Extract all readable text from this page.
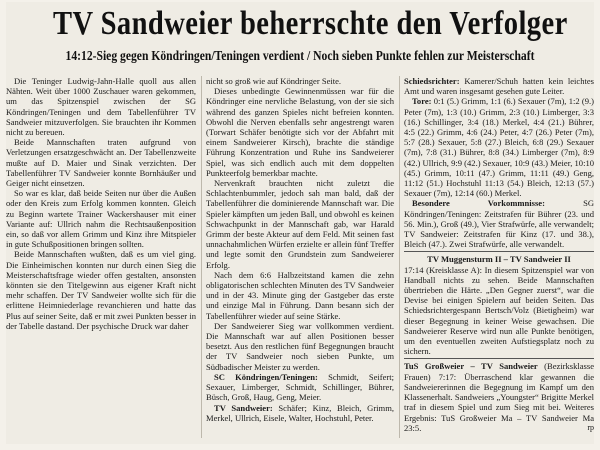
TV Sandweier beherrschte den Verfolger
14:12-Sieg gegen Köndringen/Teningen verdient / Noch sieben Punkte fehlen zur Meisterschaft

Die Teninger Ludwig-Jahn-Halle quoll aus allen Nähten. Weit über 1000 Zuschauer waren gekommen, um das Spitzenspiel zwischen der SG Köndringen/Teningen und dem Tabellenführer TV Sandweier mitzuverfolgen. Sie brauchten ihr Kommen nicht zu bereuen.

Beide Mannschaften traten aufgrund von Verletzungen ersatzgeschwächt an. Der Tabellenzweite mußte auf D. Maier und Sinak verzichten. Der Tabellenführer TV Sandweier konnte Bornhäußer und Geiger nicht einsetzen.

So war es klar, daß beide Seiten nur über die Außen oder den Kreis zum Erfolg kommen konnten. Gleich zu Beginn wartete Trainer Wackershauser mit einer Variante auf: Ullrich nahm die Rechtsaußenposition ein, so daß vor allem Grimm und Kinz ihre Mitspieler in gute Schußpositionen bringen sollten.

Beide Mannschaften wußten, daß es um viel ging. Die Einheimischen konnten nur durch einen Sieg die Meisterschaftsfrage wieder offen gestalten, ansonsten könnten sie den Titelgewinn aus eigener Kraft nicht mehr schaffen. Der TV Sandweier wollte sich für die erlittene Heimniederlage revanchieren und hatte das Plus auf seiner Seite, daß er mit zwei Punkten besser in der Tabelle dastand. Der psychische Druck war daher

nicht so groß wie auf Köndringer Seite.

Dieses unbedingte Gewinnenmüssen war für die Köndringer eine nervliche Belastung, von der sie sich während des ganzen Spieles nicht befreien konnten. Obwohl die Nerven ebenfalls sehr angestrengt waren (Torwart Schäfer benötigte sich vor der Abfahrt mit einem Sandweierer Kirsch), brachte die ständige Führung Konzentration und Ruhe ins Sandweierer Spiel, was sich endlich auch mit dem doppelten Punkteerfolg bemerkbar machte.

Nervenkraft brauchten nicht zuletzt die Schlachtenbummler, jedoch sah man bald, daß der Tabellenführer die dominierende Mannschaft war. Die Spieler kämpften um jeden Ball, und obwohl es keinen Schwachpunkt in der Mannschaft gab, war Harald Grimm der beste Akteur auf dem Feld. Mit seinen fast unnachahmlichen Würfen erzielte er allein fünf Treffer und legte somit den Grundstein zum Sandweierer Erfolg.

Nach dem 6:6 Halbzeitstand kamen die zehn obligatorischen schlechten Minuten des TV Sandweier und in der 43. Minute ging der Gastgeber das erste und einzige Mal in Führung. Dann besann sich der Tabellenführer wieder auf seine Stärke.

Der Sandweierer Sieg war vollkommen verdient. Die Mannschaft war auf allen Positionen besser besetzt. Aus den restlichen fünf Begegnungen braucht der TV Sandweier noch sieben Punkte, um Südbadischer Meister zu werden.

SC Köndringen/Teningen: Schmidt, Seifert; Sexauer, Limberger, Schmidt, Schillinger, Bührer, Büsch, Groß, Haug, Geng, Meier.

TV Sandweier: Schäfer; Kinz, Bleich, Grimm, Merkel, Ullrich, Eisele, Walter, Hochstuhl, Peter.

Schiedsrichter: Kamerer/Schuh hatten kein leichtes Amt und waren insgesamt gesehen gute Leiter.

Tore: 0:1 (5.) Grimm, 1:1 (6.) Sexauer (7m), 1:2 (9.) Peter (7m), 1:3 (10.) Grimm, 2:3 (10.) Limberger, 3:3 (16.) Schillinger, 3:4 (18.) Merkel, 4:4 (21.) Bührer, 4:5 (22.) Grimm, 4:6 (24.) Peter, 4:7 (26.) Peter (7m), 5:7 (28.) Sexauer, 5:8 (27.) Bleich, 6:8 (29.) Sexauer (7m), 7:8 (31.) Bührer, 8:8 (34.) Limberger (7m), 8:9 (42.) Ullrich, 9:9 (42.) Sexauer, 10:9 (43.) Meier, 10:10 (45.) Grimm, 10:11 (47.) Grimm, 11:11 (49.) Geng, 11:12 (51.) Hochstuhl 11:13 (54.) Bleich, 12:13 (57.) Sexauer (7m), 12:14 (60.) Merkel.

Besondere Vorkommnisse:	SG Köndringen/Teningen: Zeitstrafen für Bührer (23. und 56. Min.), Groß (49.), Vier Strafwürfe, alle verwandelt; TV Sandweier: Zeitstrafen für Kinz (17. und 38.), Bleich (47.). Zwei Strafwürfe, alle verwandelt.

TV Muggensturm II – TV Sandweier II

17:14 (Kreisklasse A): In diesem Spitzenspiel war von Handball nichts zu sehen. Beide Mannschaften übertrieben die Härte. „Den Gegner zuerst“, war die Devise bei einigen Spielern auf beiden Seiten. Das Schiedsrichtergespann Bertsch/Volz (Bietigheim) war dieser Begegnung in keiner Weise gewachsen. Die Sandweierer Reserve wird nun alle Punkte benötigen, um den eventuellen zweiten Aufstiegsplatz noch zu sichern.

TuS Großweier – TV Sandweier (Bezirksklasse Frauen) 7:17: Überraschend klar gewannen die Sandweiererinnen die Begegnung im Kampf um den Klassenerhalt. Sandweiers „Youngster“ Brigitte Merkel traf in diesem Spiel und zum Sieg mit bei. Weiteres Ergebnis: TuS Großweier Ma – TV Sandweier Ma 23:5.	rp
